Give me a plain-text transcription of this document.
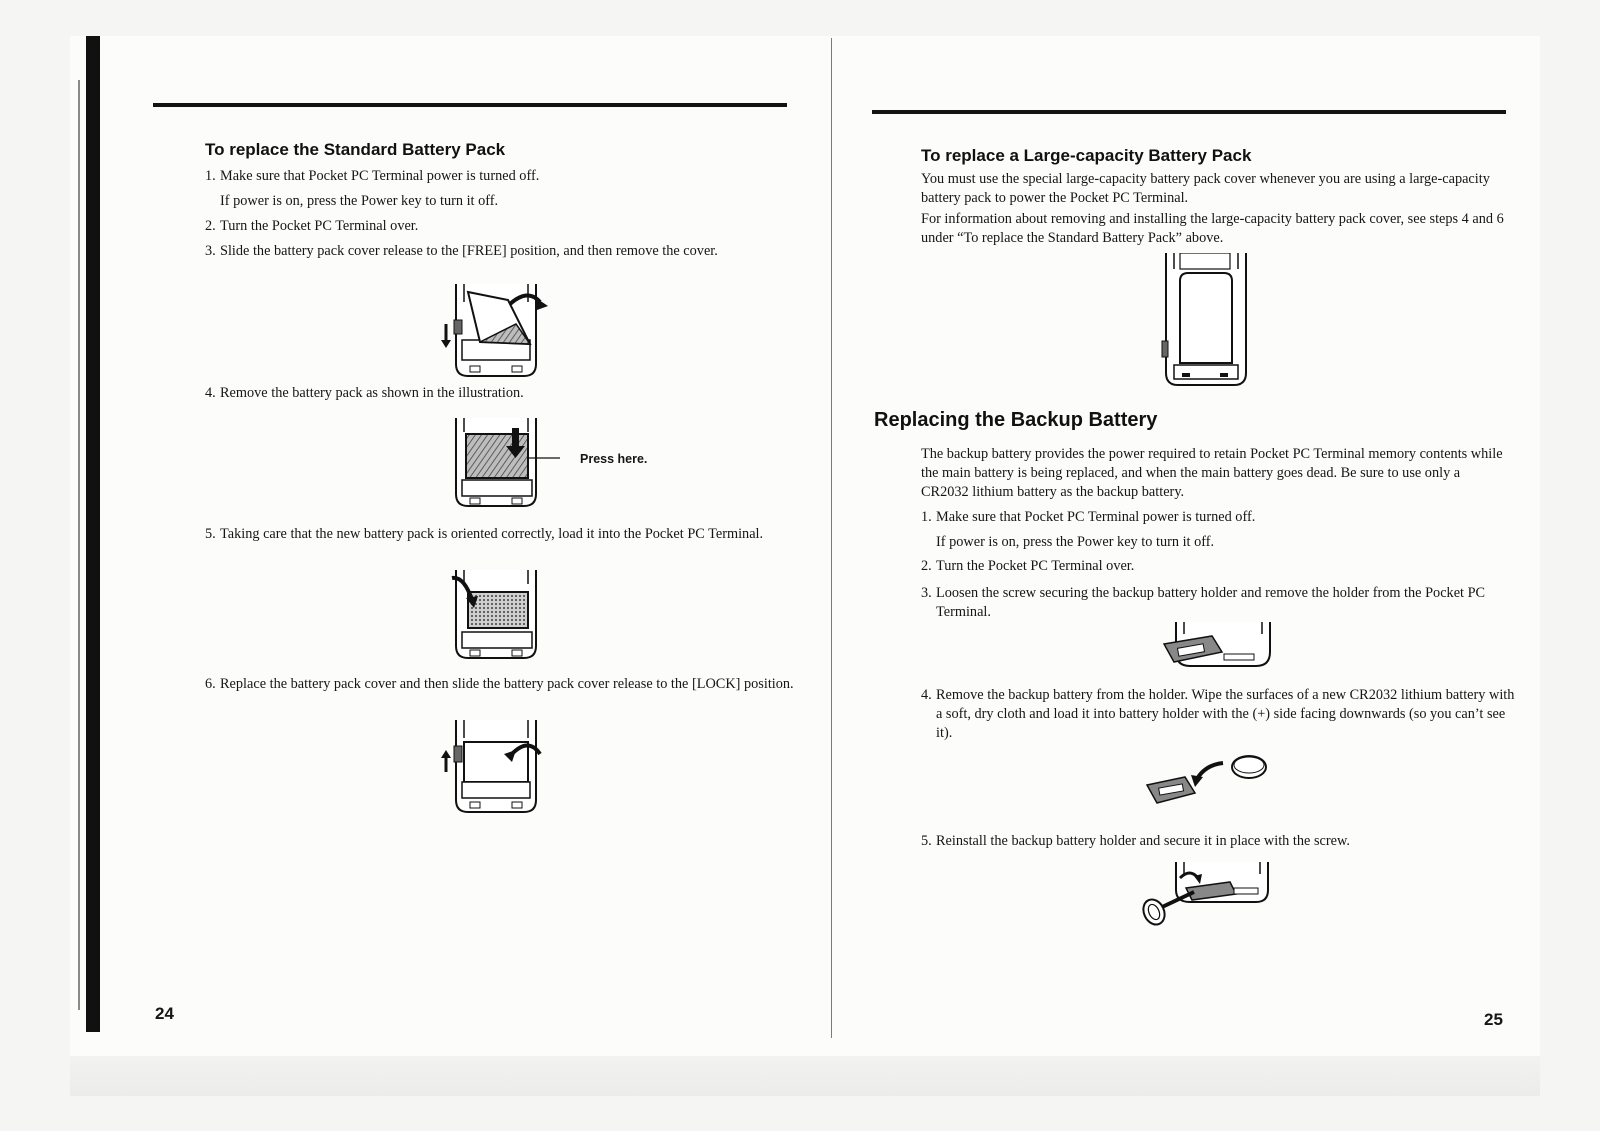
To replace the Standard Battery Pack
1. Make sure that Pocket PC Terminal power is turned off.
If power is on, press the Power key to turn it off.
2. Turn the Pocket PC Terminal over.
3. Slide the battery pack cover release to the [FREE] position, and then remove the cover.
4. Remove the battery pack as shown in the illustration.
Press here.
5. Taking care that the new battery pack is oriented correctly, load it into the Pocket PC Terminal.
6. Replace the battery pack cover and then slide the battery pack cover release to the [LOCK] position.
24
To replace a Large-capacity Battery Pack
You must use the special large-capacity battery pack cover whenever you are using a large-capacity battery pack to power the Pocket PC Terminal.
For information about removing and installing the large-capacity battery pack cover, see steps 4 and 6 under “To replace the Standard Battery Pack” above.
Replacing the Backup Battery
The backup battery provides the power required to retain Pocket PC Terminal memory contents while the main battery is being replaced, and when the main battery goes dead. Be sure to use only a CR2032 lithium battery as the backup battery.
1. Make sure that Pocket PC Terminal power is turned off.
If power is on, press the Power key to turn it off.
2. Turn the Pocket PC Terminal over.
3. Loosen the screw securing the backup battery holder and remove the holder from the Pocket PC Terminal.
4. Remove the backup battery from the holder. Wipe the surfaces of a new CR2032 lithium battery with a soft, dry cloth and load it into battery holder with the (+) side facing downwards (so you can’t see it).
5. Reinstall the backup battery holder and secure it in place with the screw.
25
